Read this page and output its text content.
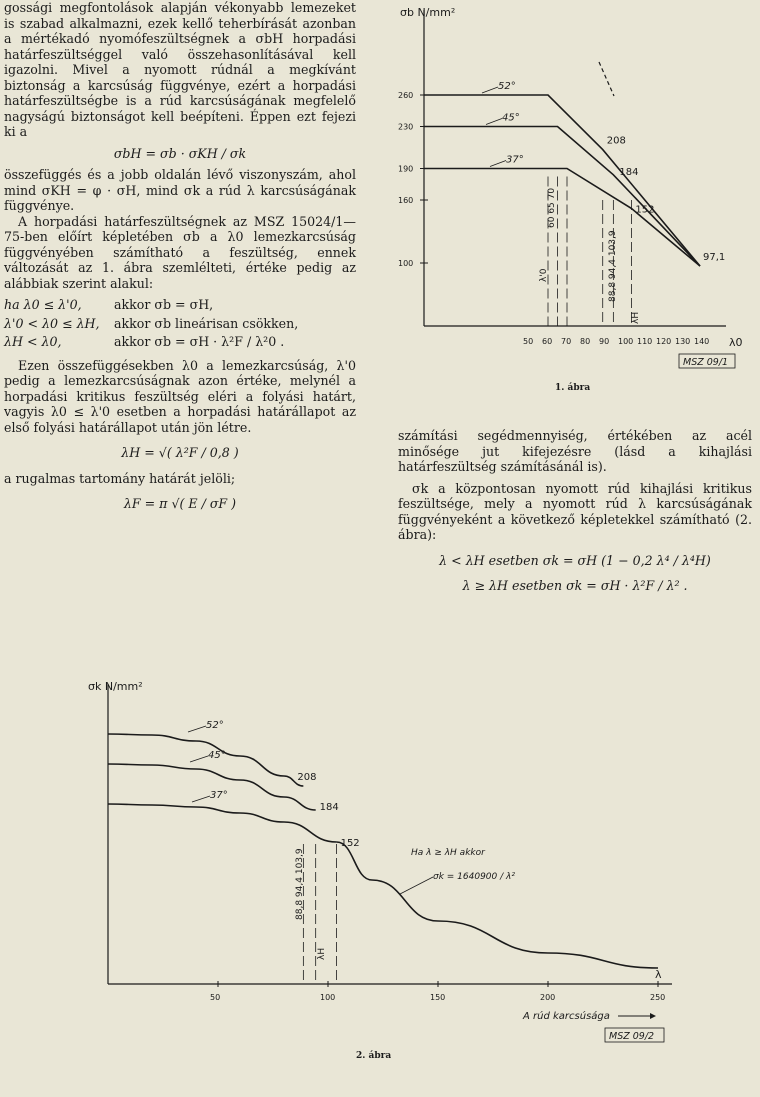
gossági megfontolások alapján vékonyabb lemezeket is szabad alkalmazni, ezek kellő teherbírását azonban a mértékadó nyomófeszültségnek a σbH horpadási határfeszültséggel való összehasonlításával kell igazolni. Mivel a nyomott rúdnál a megkívánt biztonság a karcsúság függvénye, ezért a horpadási határfeszültségbe is a rúd karcsúságának megfelelő nagyságú biztonságot kell beépíteni. Éppen ezt fejezi ki a

σbH = σb · σKH / σk

összefüggés és a jobb oldalán lévő viszonyszám, ahol mind σKH = φ · σH, mind σk a rúd λ karcsúságának függvénye.

A horpadási határfeszültségnek az MSZ 15024/1—75-ben előírt képletében σb a λ0 lemezkarcsúság függvényében számítható a feszültség, ennek változását az 1. ábra szemlélteti, értéke pedig az alábbiak szerint alakul:

ha λ0 ≤ λ'0,	akkor σb = σH,
λ'0 < λ0 ≤ λH,	akkor σb lineárisan csökken,
λH < λ0,	akkor σb = σH · λ²F / λ²0 .

Ezen összefüggésekben λ0 a lemezkarcsúság, λ'0 pedig a lemezkarcsúságnak azon értéke, melynél a horpadási kritikus feszültség eléri a folyási határt, vagyis λ0 ≤ λ'0 esetben a horpadási határállapot az első folyási határállapot után jön létre.

λH = √( λ²F / 0,8 )

a rugalmas tartomány határát jelöli;

λF = π √( E / σF )

számítási segédmennyiség, értékében az acél minősége jut kifejezésre (lásd a kihajlási határfeszültség számításánál is).

σk a központosan nyomott rúd kihajlási kritikus feszültsége, mely a nyomott rúd λ karcsúságának függvényeként a következő képletekkel számítható (2. ábra):

λ < λH esetben σk = σH (1 − 0,2 λ⁴ / λ⁴H)
λ ≥ λH esetben σk = σH · λ²F / λ² .
σb N/mm²
λ0
260
230
190
160
100
50 60 70 80 90 100 110 120 130 140
52°
45°
37°
208
184
152
97,1
60 65 70
λ'0
88,8 94,4 103,9
λH
MSZ 09/1
1. ábra
σk N/mm²
λ
A rúd karcsúsága
50	100	150	200	250
52°
208
45°
184
37°
152
88,8 94,4 103,9
λH
Ha λ ≥ λH akkor
σk = 1640900 / λ²
MSZ 09/2
2. ábra
